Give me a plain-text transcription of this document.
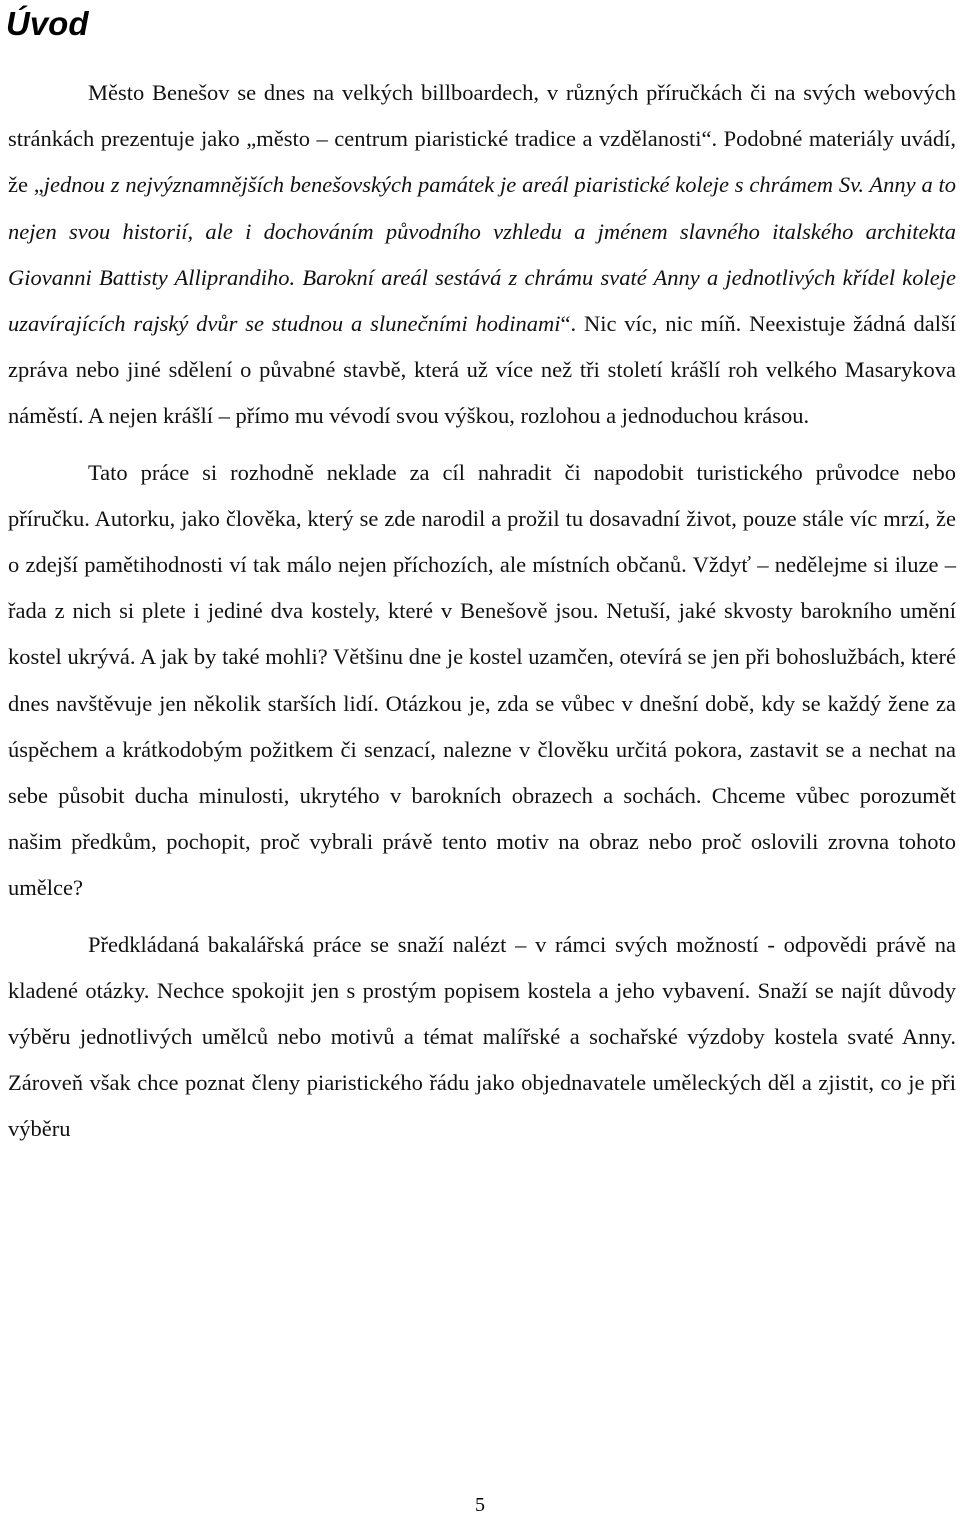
Úvod

Město Benešov se dnes na velkých billboardech, v různých příručkách či na svých webových stránkách prezentuje jako „město – centrum piaristické tradice a vzdělanosti“. Podobné materiály uvádí, že „jednou z nejvýznamnějších benešovských památek je areál piaristické koleje s chrámem Sv. Anny a to nejen svou historií, ale i dochováním původního vzhledu a jménem slavného italského architekta Giovanni Battisty Alliprandiho. Barokní areál sestává z chrámu svaté Anny a jednotlivých křídel koleje uzavírajících rajský dvůr se studnou a slunečními hodinami“. Nic víc, nic míň. Neexistuje žádná další zpráva nebo jiné sdělení o půvabné stavbě, která už více než tři století krášlí roh velkého Masarykova náměstí. A nejen krášlí – přímo mu vévodí svou výškou, rozlohou a jednoduchou krásou.

Tato práce si rozhodně neklade za cíl nahradit či napodobit turistického průvodce nebo příručku. Autorku, jako člověka, který se zde narodil a prožil tu dosavadní život, pouze stále víc mrzí, že o zdejší pamětihodnosti ví tak málo nejen příchozích, ale místních občanů. Vždyť – nedělejme si iluze – řada z nich si plete i jediné dva kostely, které v Benešově jsou. Netuší, jaké skvosty barokního umění kostel ukrývá. A jak by také mohli? Většinu dne je kostel uzamčen, otevírá se jen při bohoslužbách, které dnes navštěvuje jen několik starších lidí. Otázkou je, zda se vůbec v dnešní době, kdy se každý žene za úspěchem a krátkodobým požitkem či senzací, nalezne v člověku určitá pokora, zastavit se a nechat na sebe působit ducha minulosti, ukrytého v barokních obrazech a sochách. Chceme vůbec porozumět našim předkům, pochopit, proč vybrali právě tento motiv na obraz nebo proč oslovili zrovna tohoto umělce?

Předkládaná bakalářská práce se snaží nalézt – v rámci svých možností - odpovědi právě na kladené otázky. Nechce spokojit jen s prostým popisem kostela a jeho vybavení. Snaží se najít důvody výběru jednotlivých umělců nebo motivů a témat malířské a sochařské výzdoby kostela svaté Anny. Zároveň však chce poznat členy piaristického řádu jako objednavatele uměleckých děl a zjistit, co je při výběru

5
